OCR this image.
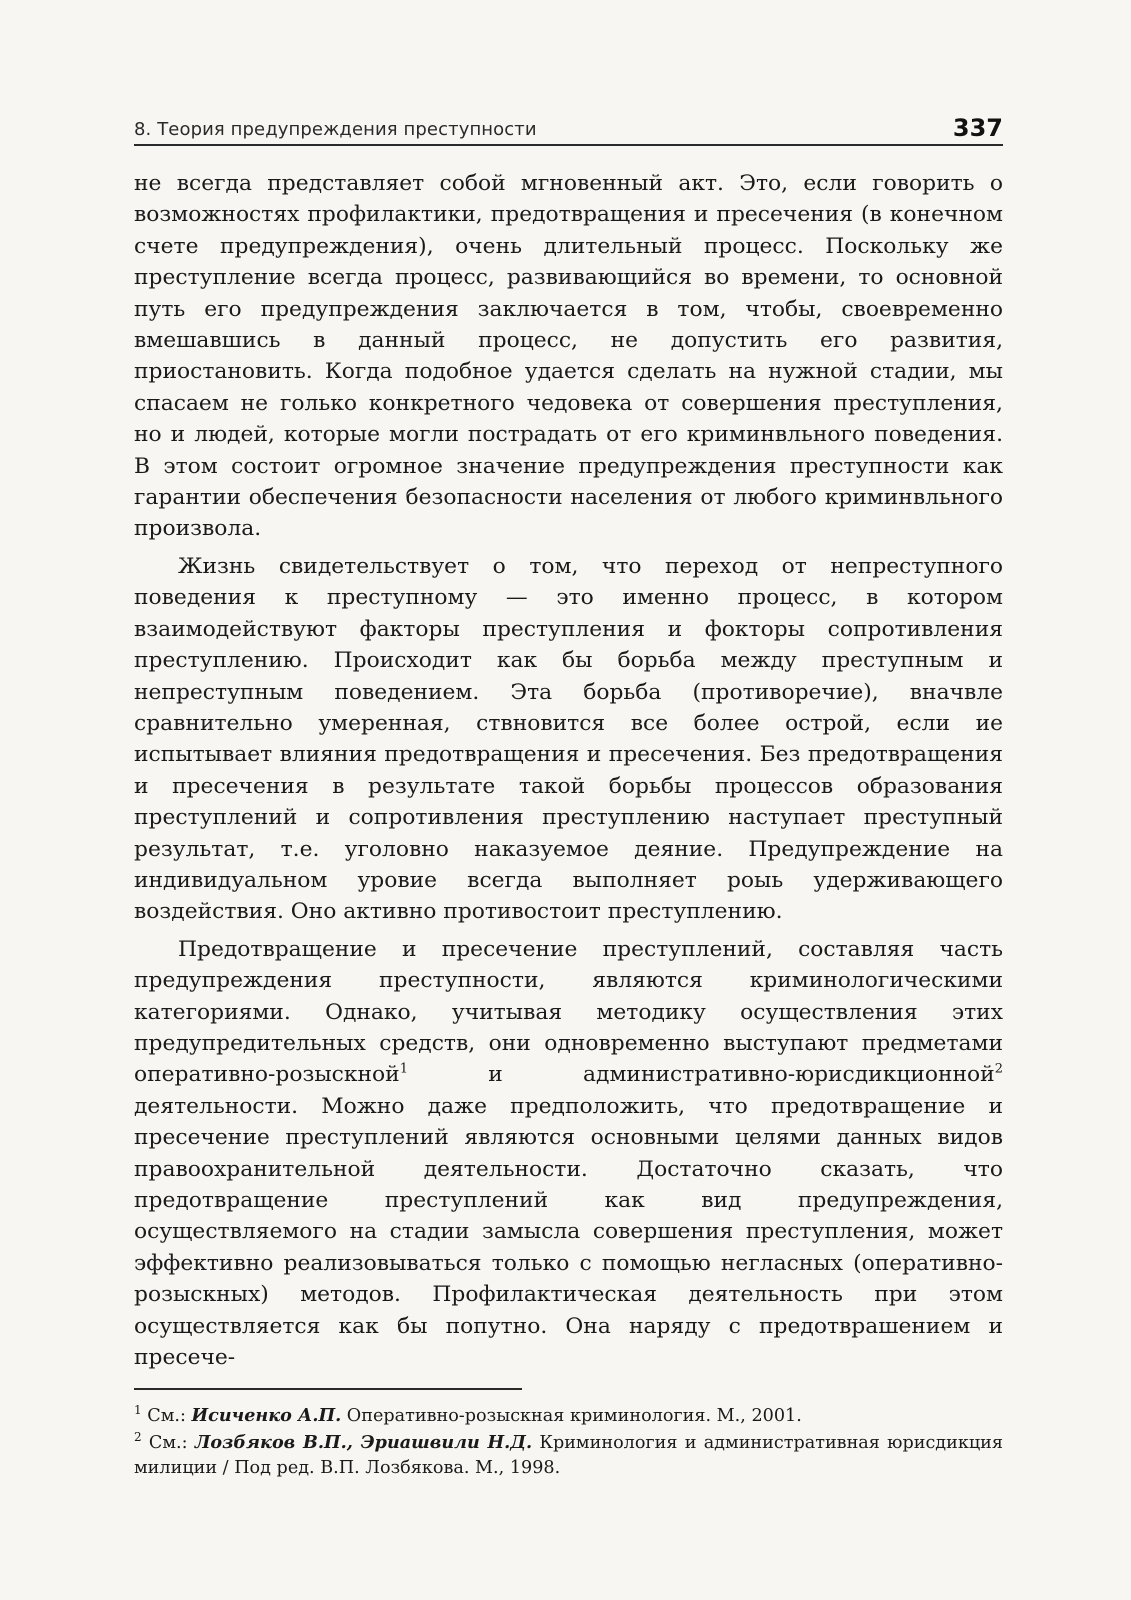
8. Теория предупреждения преступности	337

не всегда представляет собой мгновенный акт. Это, если говорить о возможностях профилактики, предотвращения и пресечения (в конечном счете предупреждения), очень длительный процесс. Поскольку же преступление всегда процесс, развивающийся во времени, то основной путь его предупреждения заключается в том, чтобы, своевременно вмешавшись в данный процесс, не допустить его развития, приостановить. Когда подобное удается сделать на нужной стадии, мы спасаем не голько конкретного чедовека от совершения преступления, но и людей, которые могли пострадать от его криминвльного поведения. В этом состоит огромное значение предупреждения преступности как гарантии обеспечения безопасности населения от любого криминвльного произвола.

Жизнь свидетельствует о том, что переход от непреступного поведения к преступному — это именно процесс, в котором взаимодействуют факторы преступления и фокторы сопротивления преступлению. Происходит как бы борьба между преступным и непреступным поведением. Эта борьба (противоречие), вначвле сравнительно умеренная, ствновится все более острой, если ие испытывает влияния предотвращения и пресечения. Без предотвращения и пресечения в результате такой борьбы процессов образования преступлений и сопротивления преступлению наступает преступный результат, т.е. уголовно наказуемое деяние. Предупреждение на индивидуальном уровие всегда выполняет роыь удерживающего воздействия. Оно активно противостоит преступлению.

Предотвращение и пресечение преступлений, составляя часть предупреждения преступности, являются криминологическими категориями. Однако, учитывая методику осуществления этих предупредительных средств, они одновременно выступают предметами оперативно-розыскной$^1$ и административно-юрисдикционной$^2$ деятельности. Можно даже предположить, что предотвращение и пресечение преступлений являются основными целями данных видов правоохранительной деятельности. Достаточно сказать, что предотвращение преступлений как вид предупреждения, осуществляемого на стадии замысла совершения преступления, может эффективно реализовываться только с помощью негласных (оперативно-розыскных) методов. Профилактическая деятельность при этом осуществляется как бы попутно. Она наряду с предотврашением и пресече-

$^1$ См.: Исиченко А.П. Оперативно-розыскная криминология. М., 2001.

$^2$ См.: Лозбяков В.П., Эриашвили Н.Д. Криминология и административная юрисдикция милиции / Под ред. В.П. Лозбякова. М., 1998.
